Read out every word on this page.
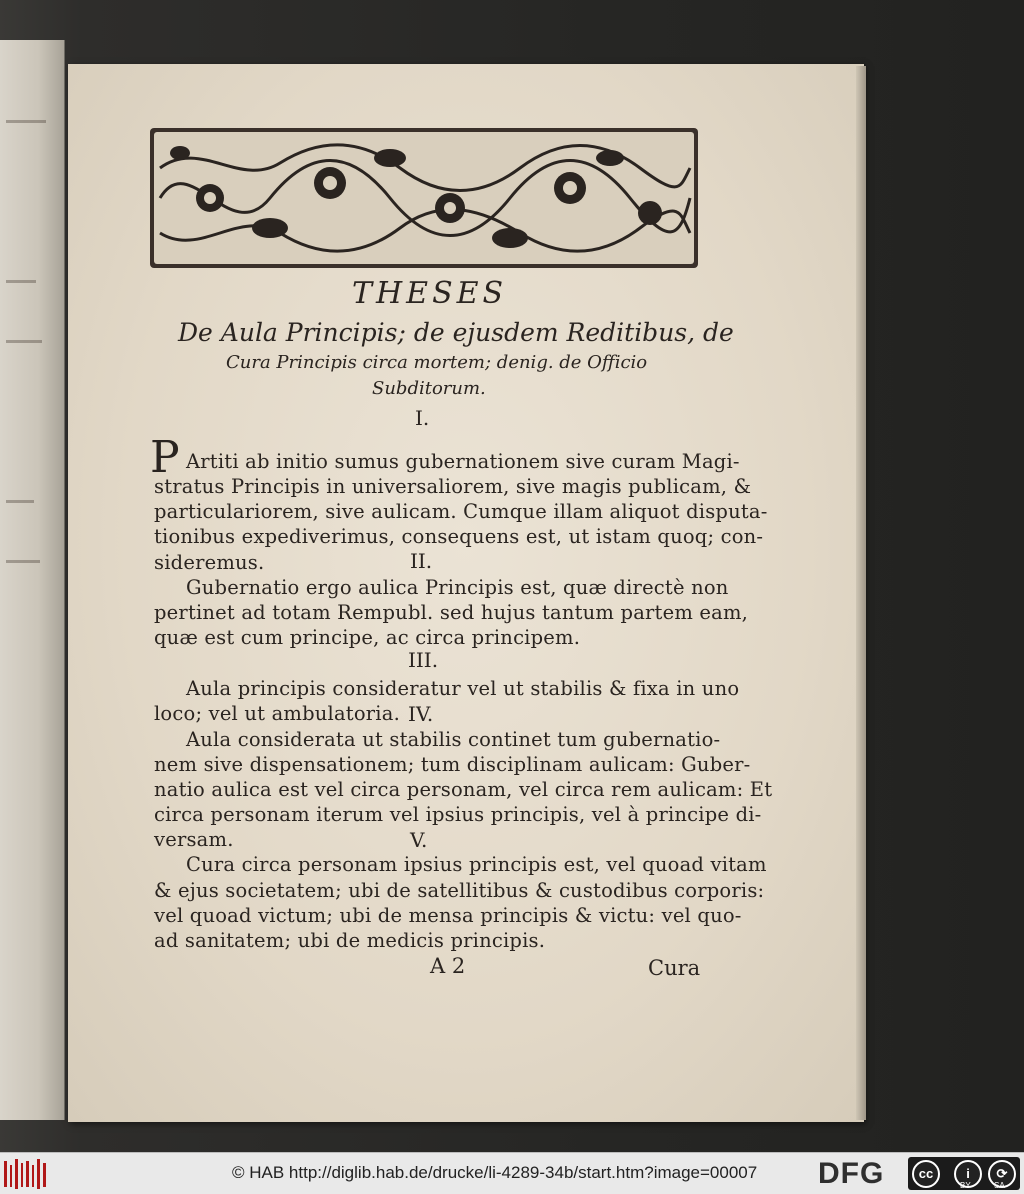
THESES
De Aula Principis; de ejusdem Reditibus, de
Cura Principis circa mortem; denig. de Officio
Subditorum.
I.
II.
III.
IV.
V.
P Artiti ab initio sumus gubernationem sive curam Magi-
stratus Principis in universaliorem, sive magis publicam, &
particulariorem, sive aulicam. Cumque illam aliquot disputa-
tionibus expediverimus, consequens est, ut istam quoq; con-
sideremus.
Gubernatio ergo aulica Principis est, quæ directè non
pertinet ad totam Rempubl. sed hujus tantum partem eam,
quæ est cum principe, ac circa principem.
Aula principis consideratur vel ut stabilis & fixa in uno
loco; vel ut ambulatoria.
Aula considerata ut stabilis continet tum gubernatio-
nem sive dispensationem; tum disciplinam aulicam: Guber-
natio aulica est vel circa personam, vel circa rem aulicam: Et
circa personam iterum vel ipsius principis, vel à principe di-
versam.
Cura circa personam ipsius principis est, vel quoad vitam
& ejus societatem; ubi de satellitibus & custodibus corporis:
vel quoad victum; ubi de mensa principis & victu: vel quo-
ad sanitatem; ubi de medicis principis.
A 2	Cura
© HAB http://diglib.hab.de/drucke/li-4289-34b/start.htm?image=00007 DFG	cc	i	⟳
BY	SA
